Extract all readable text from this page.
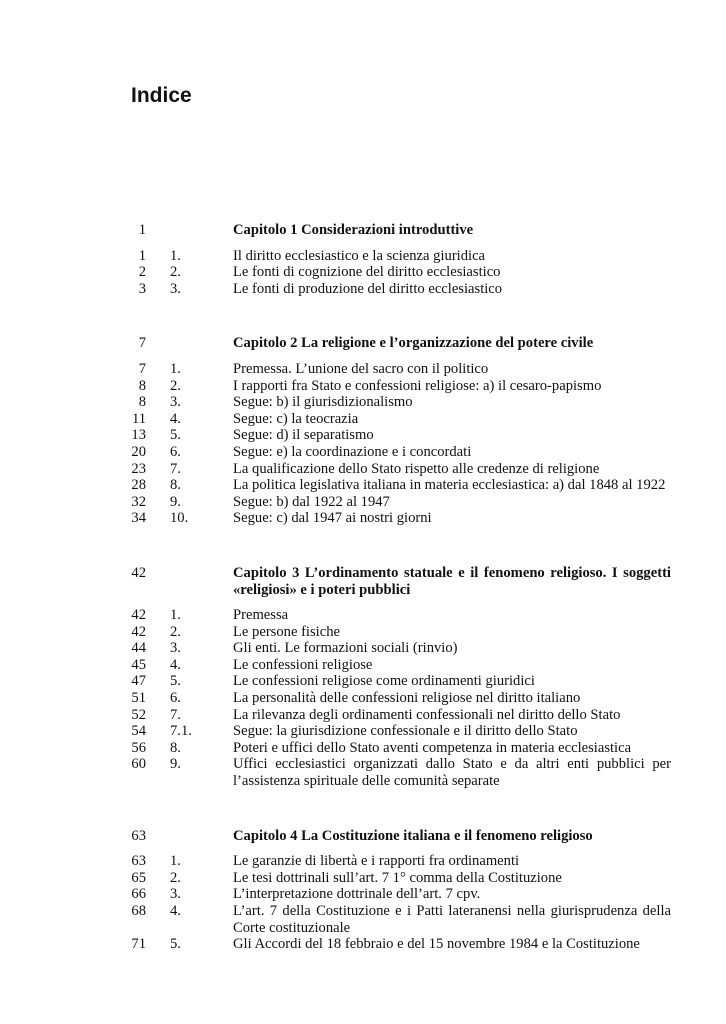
Indice
1	Capitolo 1 Considerazioni introduttive
1 1.	Il diritto ecclesiastico e la scienza giuridica
2 2.	Le fonti di cognizione del diritto ecclesiastico
3 3.	Le fonti di produzione del diritto ecclesiastico
7	Capitolo 2 La religione e l’organizzazione del potere civile
7 1.	Premessa. L’unione del sacro con il politico
8 2.	I rapporti fra Stato e confessioni religiose: a) il cesaro-papismo
8 3.	Segue: b) il giurisdizionalismo
11 4.	Segue: c) la teocrazia
13 5.	Segue: d) il separatismo
20 6.	Segue: e) la coordinazione e i concordati
23 7.	La qualificazione dello Stato rispetto alle credenze di religione
28 8.	La politica legislativa italiana in materia ecclesiastica: a) dal 1848 al 1922
32 9.	Segue: b) dal 1922 al 1947
34 10.	Segue: c) dal 1947 ai nostri giorni
42	Capitolo 3 L’ordinamento statuale e il fenomeno religioso. I soggetti «religiosi» e i poteri pubblici
42 1.	Premessa
42 2.	Le persone fisiche
44 3.	Gli enti. Le formazioni sociali (rinvio)
45 4.	Le confessioni religiose
47 5.	Le confessioni religiose come ordinamenti giuridici
51 6.	La personalità delle confessioni religiose nel diritto italiano
52 7.	La rilevanza degli ordinamenti confessionali nel diritto dello Stato
54 7.1.	Segue: la giurisdizione confessionale e il diritto dello Stato
56 8.	Poteri e uffici dello Stato aventi competenza in materia ecclesiastica
60 9.	Uffici ecclesiastici organizzati dallo Stato e da altri enti pubblici per l’assistenza spirituale delle comunità separate
63	Capitolo 4 La Costituzione italiana e il fenomeno religioso
63 1.	Le garanzie di libertà e i rapporti fra ordinamenti
65 2.	Le tesi dottrinali sull’art. 7 1° comma della Costituzione
66 3.	L’interpretazione dottrinale dell’art. 7 cpv.
68 4.	L’art. 7 della Costituzione e i Patti lateranensi nella giurisprudenza della Corte costituzionale
71 5.	Gli Accordi del 18 febbraio e del 15 novembre 1984 e la Costituzione
